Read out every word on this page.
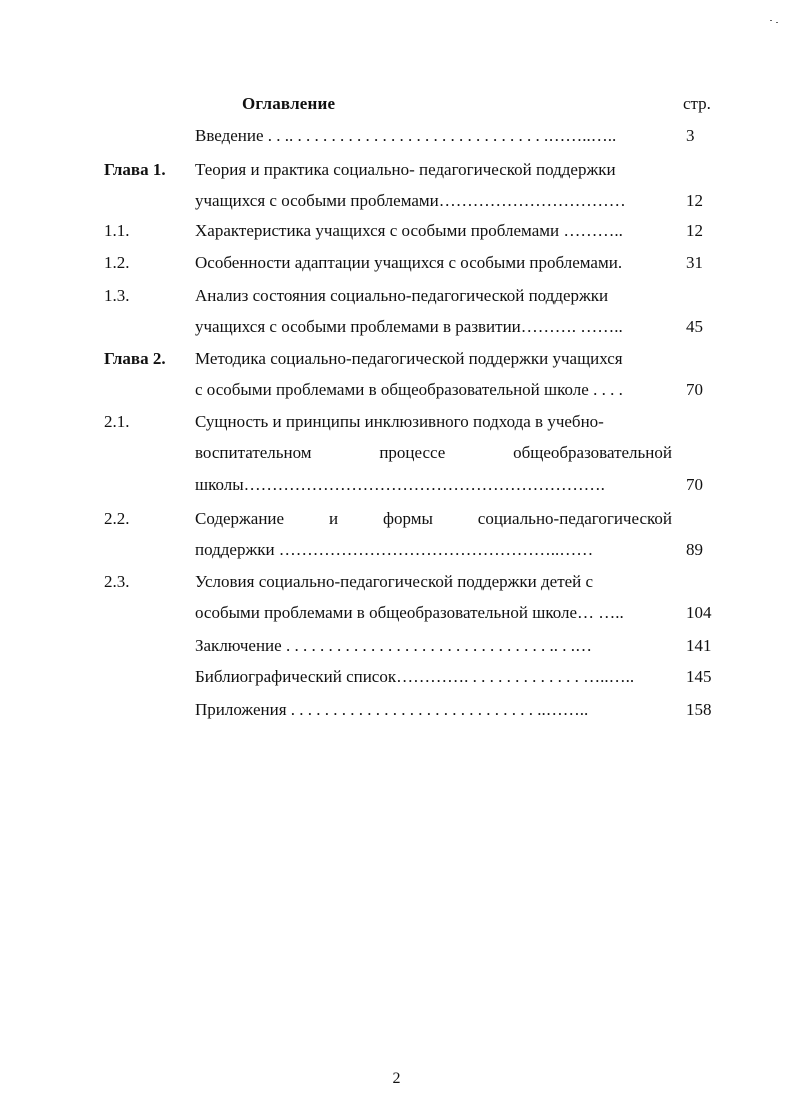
Оглавление	стр.
Введение . . .. . . . . . . . . . . . . . . . . . . . . . . . . . . . . . .……..…..	3
Глава 1. Теория и практика социально- педагогической поддержки
учащихся с особыми проблемами……………………………	12
1.1.	Характеристика учащихся с особыми проблемами ………..	12
1.2.	Особенности адаптации учащихся с особыми проблемами.	31
1.3.	Анализ состояния социально-педагогической поддержки
учащихся с особыми проблемами в развитии………. ……..	45
Глава 2. Методика социально-педагогической поддержки учащихся
с особыми проблемами в общеобразовательной школе . . . .	70
2.1.	Сущность и принципы инклюзивного подхода в учебно-
воспитательном процессе общеобразовательной
школы……………………………………………………….	70
2.2.	Содержание и формы социально-педагогической
поддержки …………………………………………..……	89
2.3.	Условия социально-педагогической поддержки детей с
особыми проблемами в общеобразовательной школе… …..	104
Заключение . . . . . . . . . . . . . . . . . . . . . . . . . . . . . . . .. . .…	141
Библиографический список…………. . . . . . . . . . . . . . …..…..	145
Приложения . . . . . . . . . . . . . . . . . . . . . . . . . . . . . ..……..	158
2
